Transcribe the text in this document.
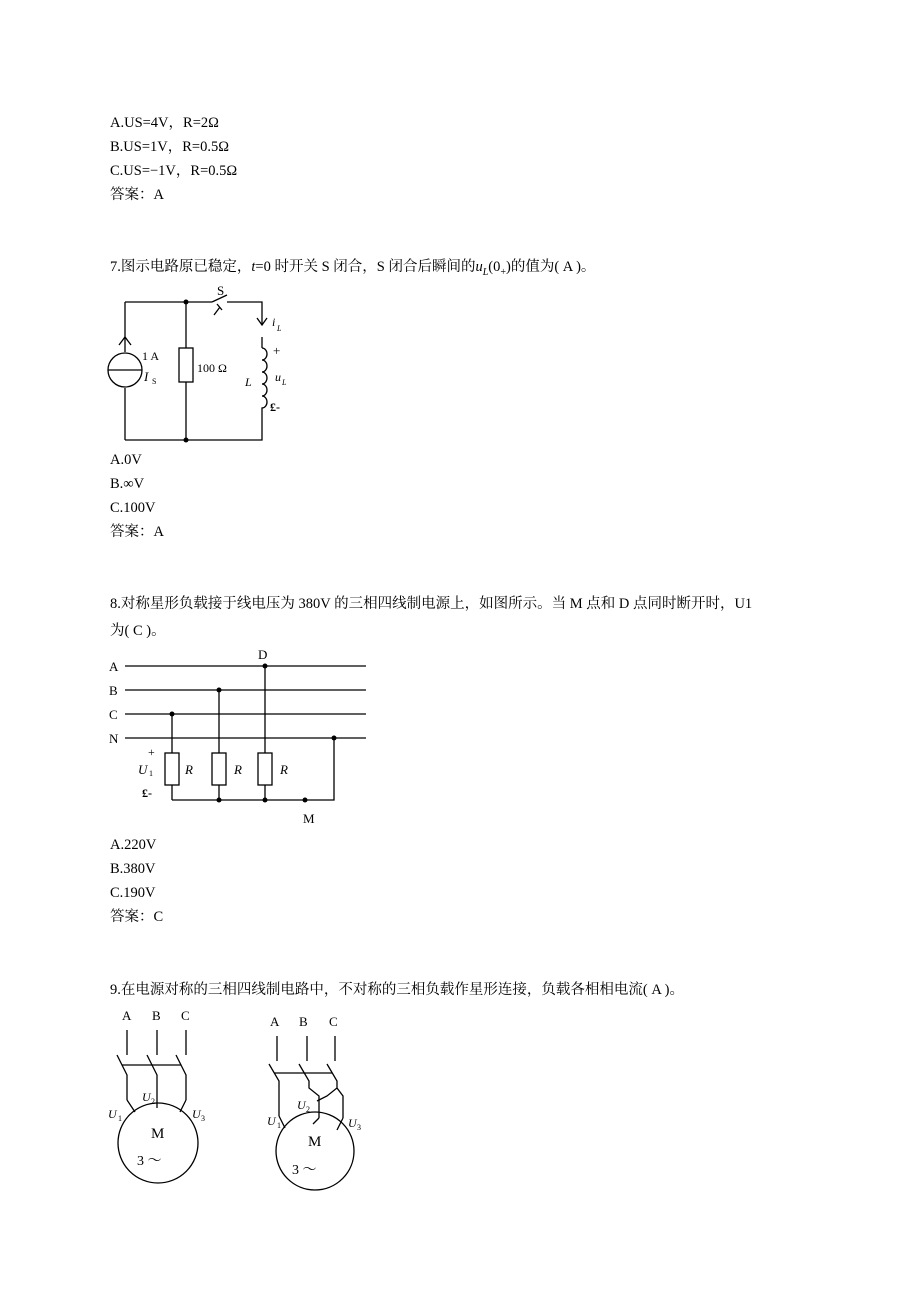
A.US=4V，R=2Ω
B.US=1V，R=0.5Ω
C.US=−1V，R=0.5Ω
答案：A
7.图示电路原已稳定，t=0 时开关 S 闭合，S 闭合后瞬间的$u_L(0_+)$的值为( A )。
1 A
I S
100 Ω
S
i L
+
L u L
£-
A.0V
B.∞V
C.100V
答案：A
8.对称星形负载接于线电压为 380V 的三相四线制电源上，如图所示。当 M 点和 D 点同时断开时，U1
为( C )。
A
B
C
N
D
M
+
U 1
£-
R	R	R
A.220V
B.380V
C.190V
答案：C
9.在电源对称的三相四线制电路中，不对称的三相负载作星形连接，负载各相相电流( A )。
A B C
M
3 ～
U 1
U 2
U 3
A B C
M
3 ～
U 1
U 2
U 3
